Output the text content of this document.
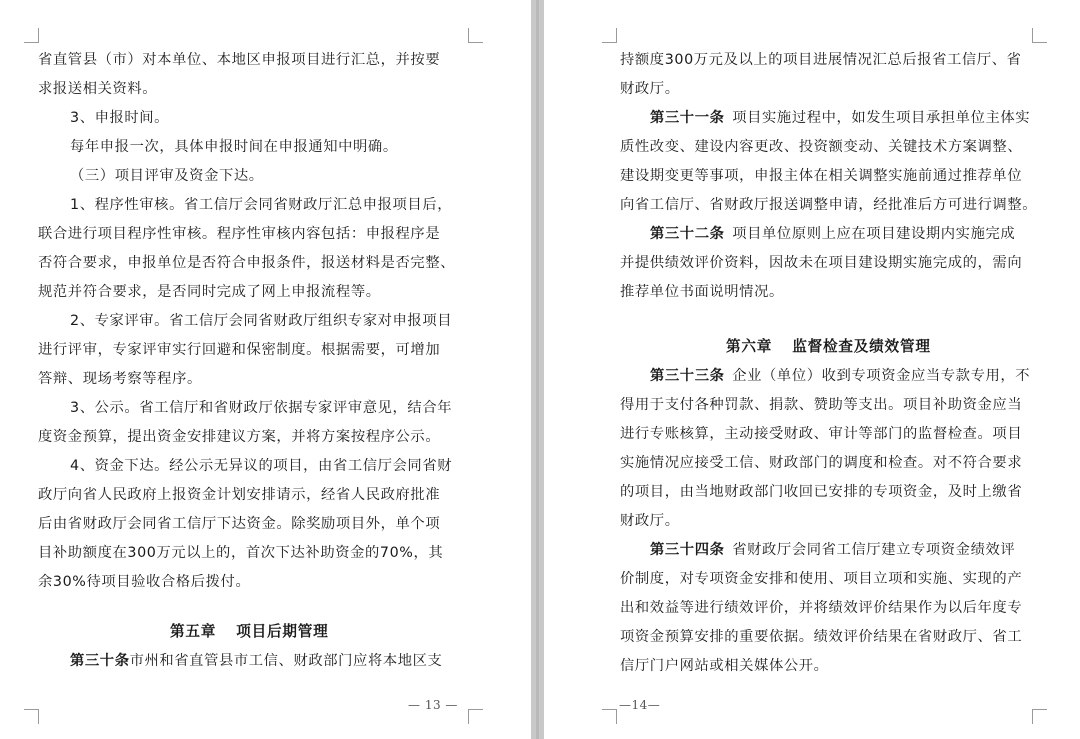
省直管县（市）对本单位、本地区申报项目进行汇总，并按要

求报送相关资料。

3、申报时间。

每年申报一次，具体申报时间在申报通知中明确。

（三）项目评审及资金下达。

1、程序性审核。省工信厅会同省财政厅汇总申报项目后，

联合进行项目程序性审核。程序性审核内容包括：申报程序是

否符合要求，申报单位是否符合申报条件，报送材料是否完整、

规范并符合要求，是否同时完成了网上申报流程等。

2、专家评审。省工信厅会同省财政厅组织专家对申报项目

进行评审，专家评审实行回避和保密制度。根据需要，可增加

答辩、现场考察等程序。

3、公示。省工信厅和省财政厅依据专家评审意见，结合年

度资金预算，提出资金安排建议方案，并将方案按程序公示。

4、资金下达。经公示无异议的项目，由省工信厅会同省财

政厅向省人民政府上报资金计划安排请示，经省人民政府批准

后由省财政厅会同省工信厅下达资金。除奖励项目外，单个项

目补助额度在300万元以上的，首次下达补助资金的70%，其

余30%待项目验收合格后拨付。

第五章 项目后期管理

第三十条市州和省直管县市工信、财政部门应将本地区支

— 13 —

持额度300万元及以上的项目进展情况汇总后报省工信厅、省

财政厅。

第三十一条  项目实施过程中，如发生项目承担单位主体实

质性改变、建设内容更改、投资额变动、关键技术方案调整、

建设期变更等事项，申报主体在相关调整实施前通过推荐单位

向省工信厅、省财政厅报送调整申请，经批准后方可进行调整。

第三十二条  项目单位原则上应在项目建设期内实施完成

并提供绩效评价资料，因故未在项目建设期实施完成的，需向

推荐单位书面说明情况。

第六章 监督检查及绩效管理

第三十三条  企业（单位）收到专项资金应当专款专用，不

得用于支付各种罚款、捐款、赞助等支出。项目补助资金应当

进行专账核算，主动接受财政、审计等部门的监督检查。项目

实施情况应接受工信、财政部门的调度和检查。对不符合要求

的项目，由当地财政部门收回已安排的专项资金，及时上缴省

财政厅。

第三十四条  省财政厅会同省工信厅建立专项资金绩效评

价制度，对专项资金安排和使用、项目立项和实施、实现的产

出和效益等进行绩效评价，并将绩效评价结果作为以后年度专

项资金预算安排的重要依据。绩效评价结果在省财政厅、省工

信厅门户网站或相关媒体公开。

—14—
